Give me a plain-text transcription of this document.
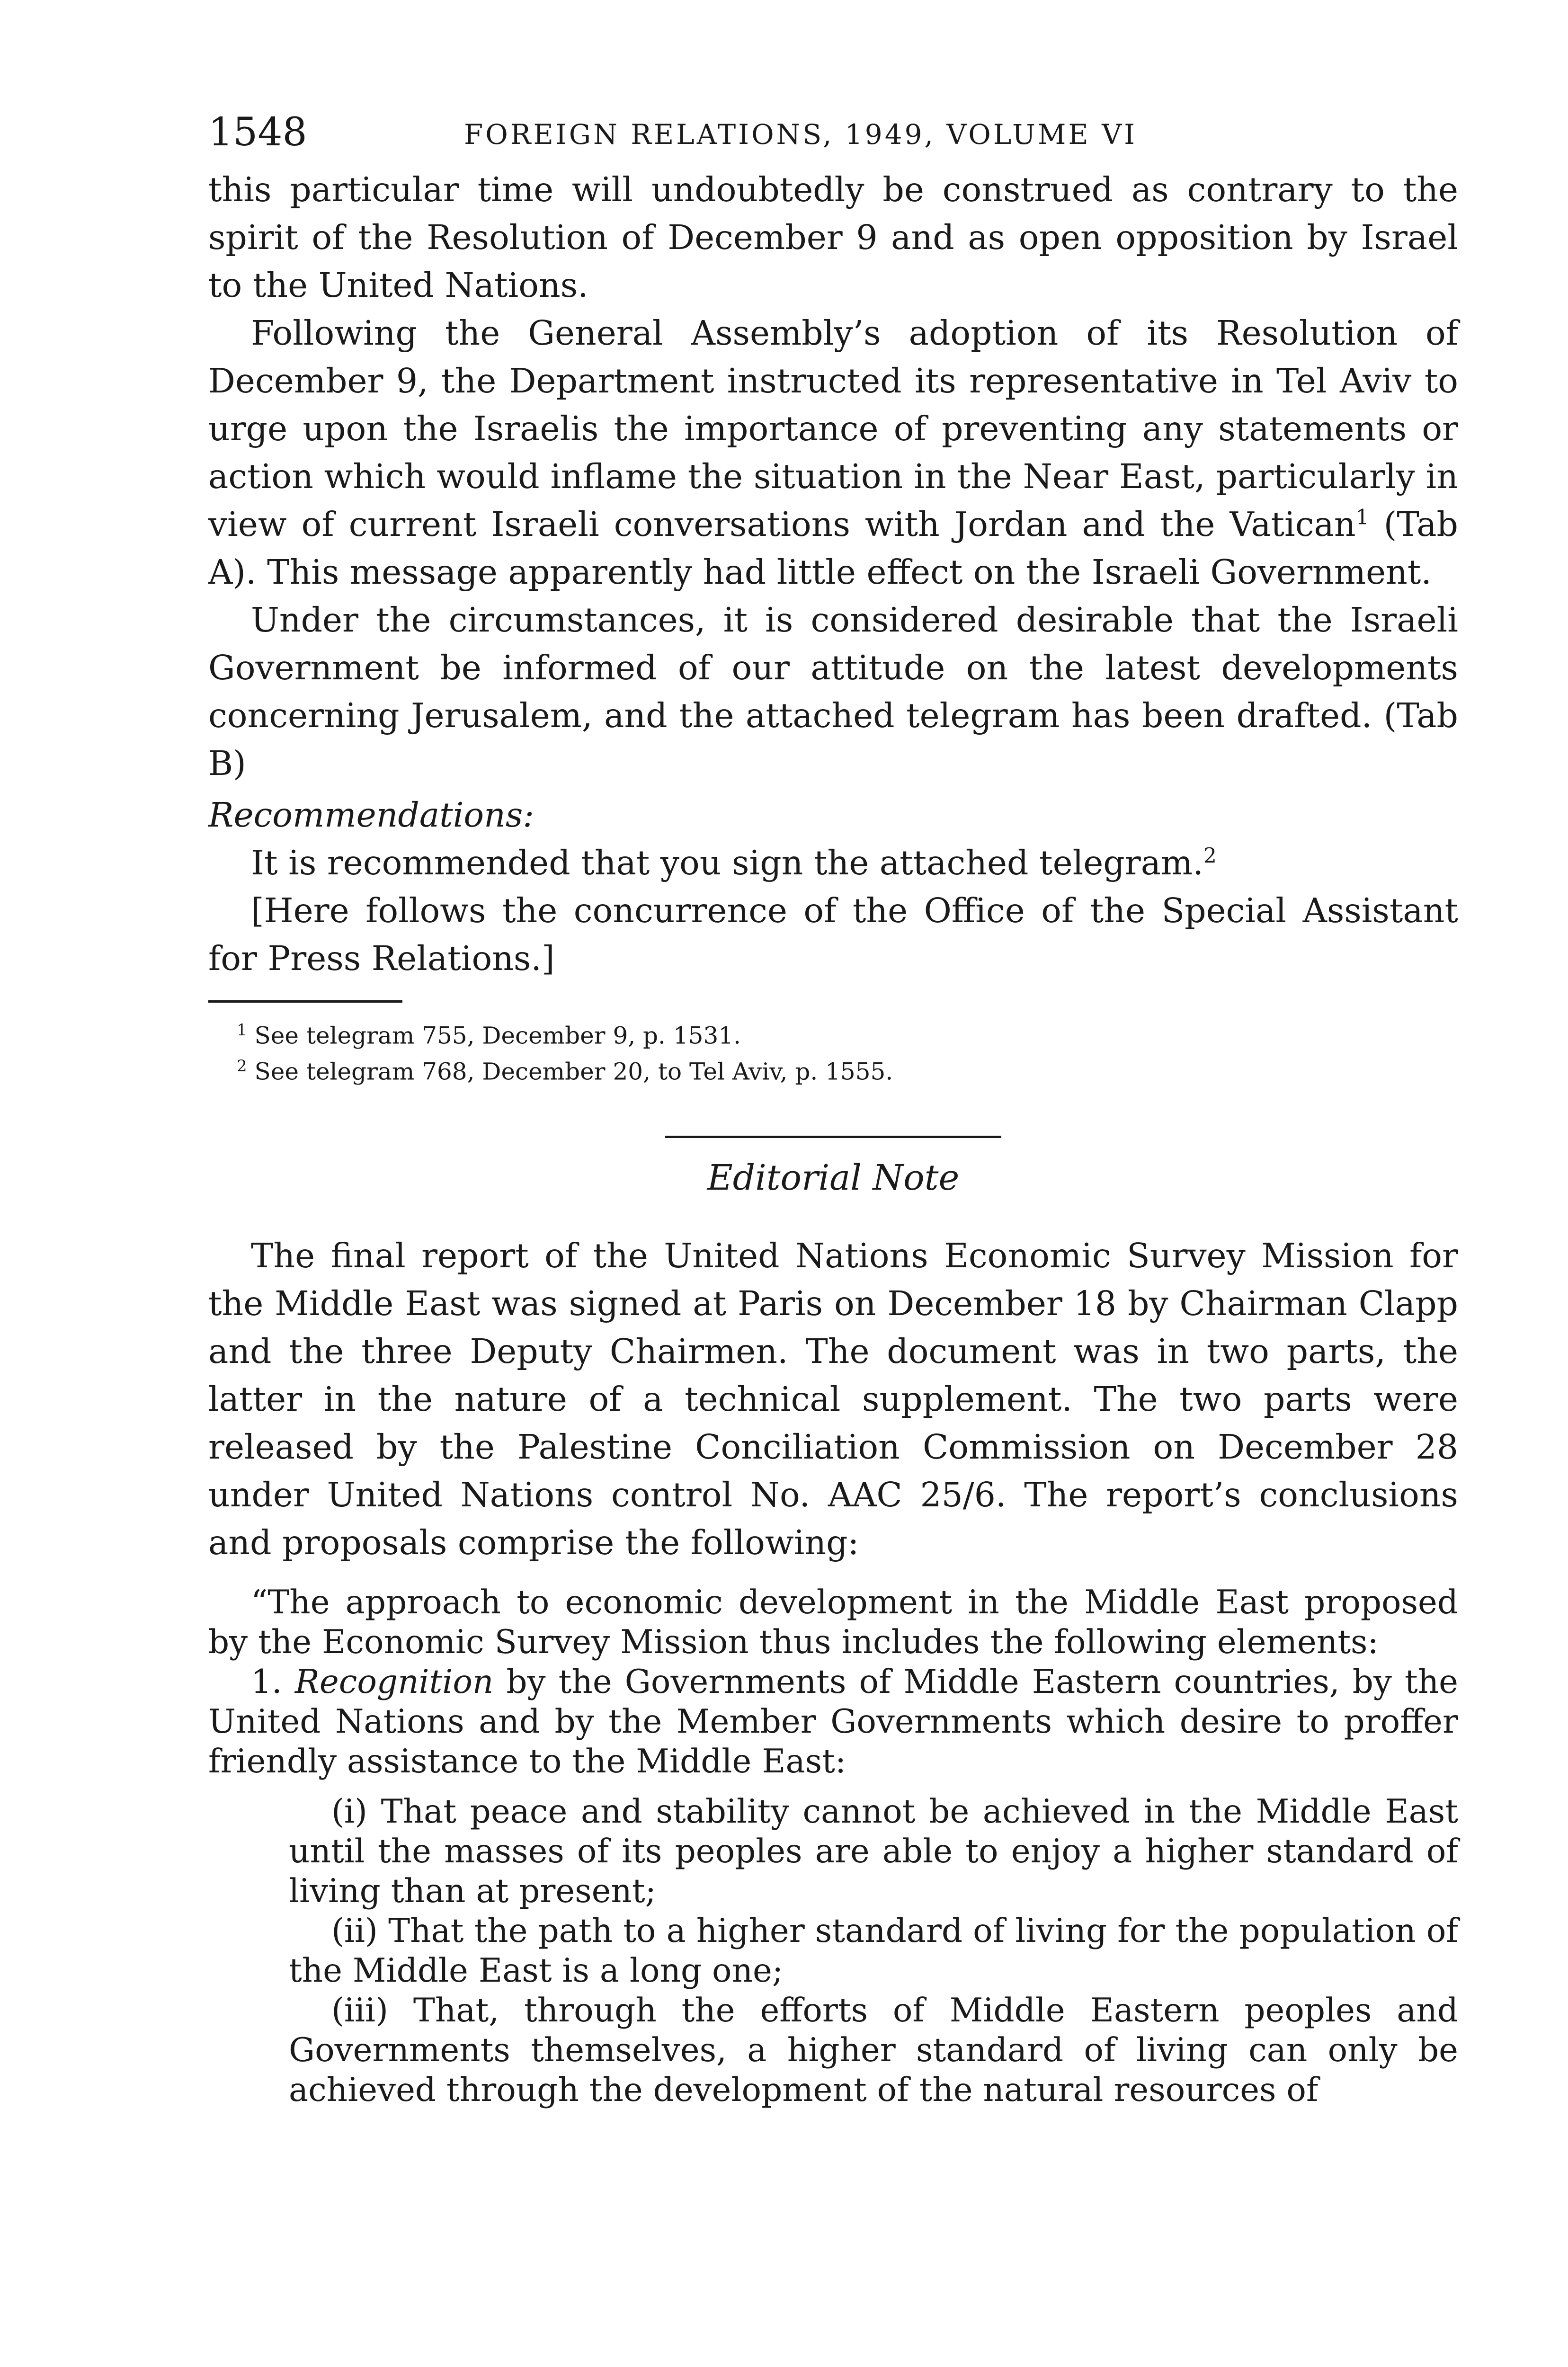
1548	FOREIGN RELATIONS, 1949, VOLUME VI

this particular time will undoubtedly be construed as contrary to the spirit of the Resolution of December 9 and as open opposition by Israel to the United Nations.

Following the General Assembly’s adoption of its Resolution of December 9, the Department instructed its representative in Tel Aviv to urge upon the Israelis the importance of preventing any statements or action which would inflame the situation in the Near East, particularly in view of current Israeli conversations with Jordan and the Vatican$^1$ (Tab A). This message apparently had little effect on the Israeli Government.

Under the circumstances, it is considered desirable that the Israeli Government be informed of our attitude on the latest developments concerning Jerusalem, and the attached telegram has been drafted. (Tab B)

Recommendations:

It is recommended that you sign the attached telegram.$^2$

[Here follows the concurrence of the Office of the Special Assistant for Press Relations.]

$^1$ See telegram 755, December 9, p. 1531.

$^2$ See telegram 768, December 20, to Tel Aviv, p. 1555.

Editorial Note

The final report of the United Nations Economic Survey Mission for the Middle East was signed at Paris on December 18 by Chairman Clapp and the three Deputy Chairmen. The document was in two parts, the latter in the nature of a technical supplement. The two parts were released by the Palestine Conciliation Commission on December 28 under United Nations control No. AAC 25/6. The report’s conclusions and proposals comprise the following:

“The approach to economic development in the Middle East proposed by the Economic Survey Mission thus includes the following elements:

1. Recognition by the Governments of Middle Eastern countries, by the United Nations and by the Member Governments which desire to proffer friendly assistance to the Middle East:

(i) That peace and stability cannot be achieved in the Middle East until the masses of its peoples are able to enjoy a higher standard of living than at present;

(ii) That the path to a higher standard of living for the population of the Middle East is a long one;

(iii) That, through the efforts of Middle Eastern peoples and Governments themselves, a higher standard of living can only be achieved through the development of the natural resources of
